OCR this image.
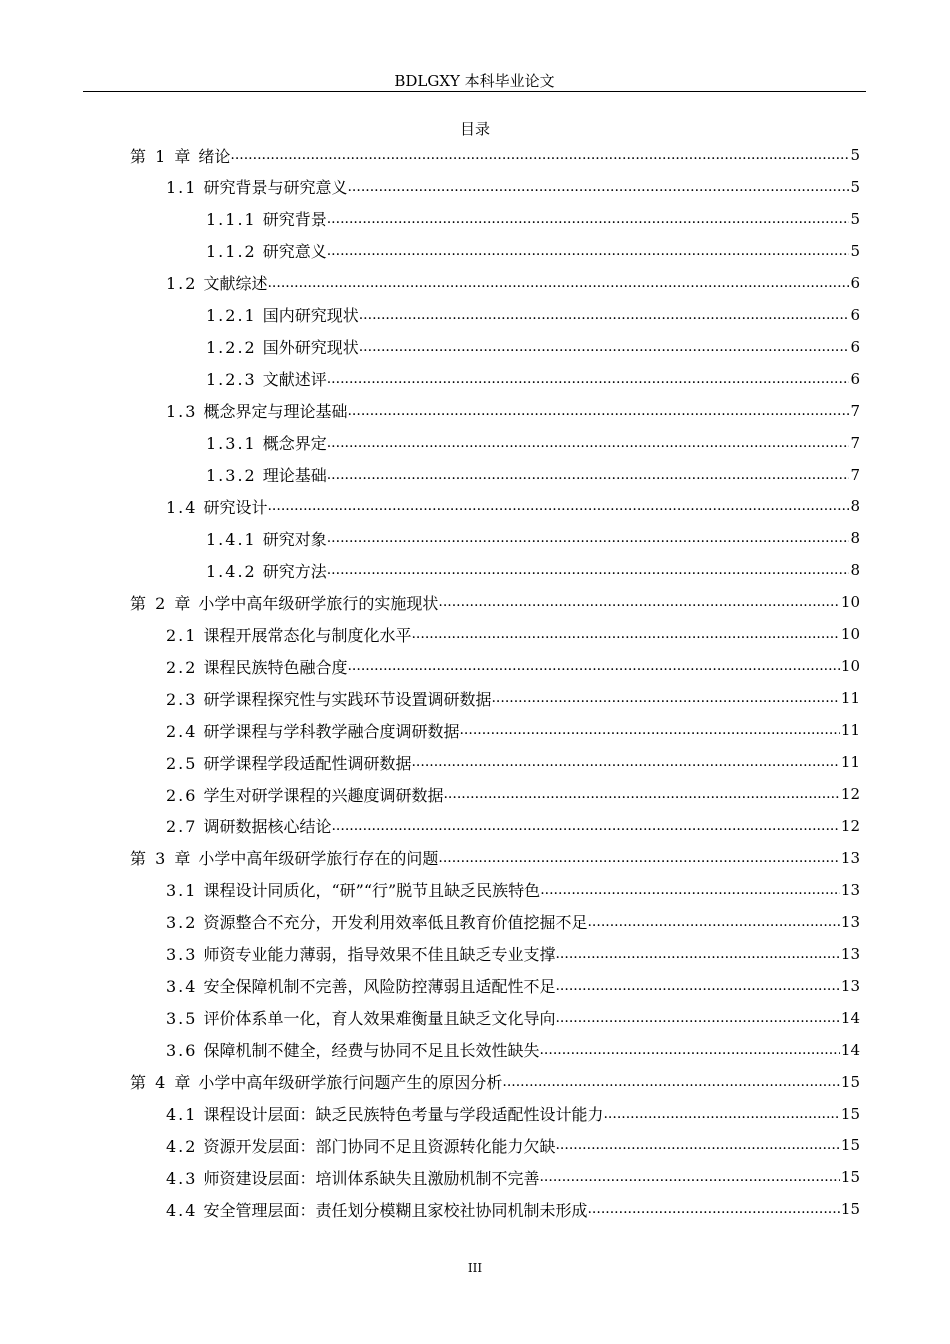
BDLGXY 本科毕业论文
目录
第 1 章 绪论 .....	5
1.1 研究背景与研究意义 .....	5
1.1.1 研究背景 .....	5
1.1.2 研究意义 .....	5
1.2 文献综述 .....	6
1.2.1 国内研究现状 .....	6
1.2.2 国外研究现状 .....	6
1.2.3 文献述评 .....	6
1.3 概念界定与理论基础 .....	7
1.3.1 概念界定 .....	7
1.3.2 理论基础 .....	7
1.4 研究设计 .....	8
1.4.1 研究对象 .....	8
1.4.2 研究方法 .....	8
第 2 章 小学中高年级研学旅行的实施现状 .....	10
2.1 课程开展常态化与制度化水平 .....	10
2.2 课程民族特色融合度 .....	10
2.3 研学课程探究性与实践环节设置调研数据 .....	11
2.4 研学课程与学科教学融合度调研数据 .....	11
2.5 研学课程学段适配性调研数据 .....	11
2.6 学生对研学课程的兴趣度调研数据 .....	12
2.7 调研数据核心结论 .....	12
第 3 章 小学中高年级研学旅行存在的问题 .....	13
3.1 课程设计同质化，“研”“行”脱节且缺乏民族特色 .....	13
3.2 资源整合不充分，开发利用效率低且教育价值挖掘不足 .....	13
3.3 师资专业能力薄弱，指导效果不佳且缺乏专业支撑 .....	13
3.4 安全保障机制不完善，风险防控薄弱且适配性不足 .....	13
3.5 评价体系单一化，育人效果难衡量且缺乏文化导向 .....	14
3.6 保障机制不健全，经费与协同不足且长效性缺失 .....	14
第 4 章 小学中高年级研学旅行问题产生的原因分析 .....	15
4.1 课程设计层面：缺乏民族特色考量与学段适配性设计能力 .....	15
4.2 资源开发层面：部门协同不足且资源转化能力欠缺 .....	15
4.3 师资建设层面：培训体系缺失且激励机制不完善 .....	15
4.4 安全管理层面：责任划分模糊且家校社协同机制未形成 .....	15
III
